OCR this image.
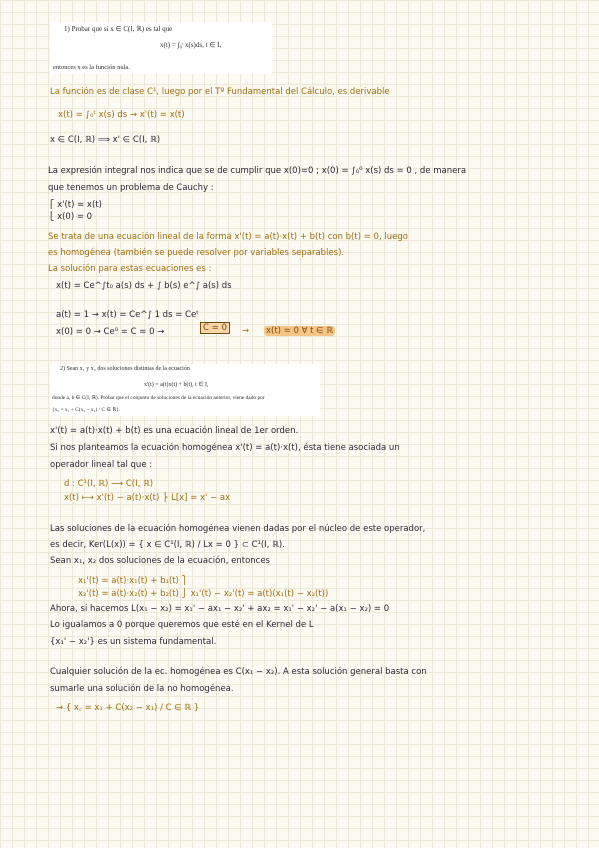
1) Probar que si x ∈ C(I, ℝ) es tal que
x(t) = ∫₀ᵗ x(s)ds, t ∈ I,
entonces x es la función nula.
La función es de clase C¹, luego por el Tº Fundamental del Cálculo, es derivable
x(t) = ∫₀ᵗ x(s) ds → x'(t) = x(t)
x ∈ C(I, ℝ) ⟹ x' ∈ C(I, ℝ)
La expresión integral nos indica que se de cumplir que x(0)=0 ; x(0) = ∫₀⁰ x(s) ds = 0 , de manera
que tenemos un problema de Cauchy :
⎧ x'(t) = x(t)
⎩ x(0) = 0
Se trata de una ecuación lineal de la forma x'(t) = a(t)·x(t) + b(t) con b(t) = 0, luego
es homogénea (también se puede resolver por variables separables).
La solución para estas ecuaciones es :
x(t) = Ce^∫t₀ a(s) ds + ∫ b(s) e^∫ a(s) ds
a(t) = 1 → x(t) = Ce^∫ 1 ds = Ceᵗ
x(0) = 0 → Ce⁰ = C = 0 →	C = 0	→ x(t) = 0 ∀ t ∈ ℝ
2) Sean x₁ y x₂ dos soluciones distintas de la ecuación
x'(t) = a(t)x(t) + b(t), t ∈ I,
donde a, b ∈ C(I, ℝ). Probar que el conjunto de soluciones de la ecuación anterior, viene dado por
{x꜀ = x₁ + C(x₂ − x₁) / C ∈ ℝ}.
x'(t) = a(t)·x(t) + b(t) es una ecuación lineal de 1er orden.
Si nos planteamos la ecuación homogénea x'(t) = a(t)·x(t), ésta tiene asociada un
operador lineal tal que :
d : C¹(I, ℝ) ⟶ C(I, ℝ)
x(t) ⟼ x'(t) − a(t)·x(t) ⎬ L[x] = x' − ax
Las soluciones de la ecuación homogénea vienen dadas por el núcleo de este operador,
es decir, Ker(L(x)) = { x ∈ C¹(I, ℝ) / Lx = 0 } ⊂ C¹(I, ℝ).
Sean x₁, x₂ dos soluciones de la ecuación, entonces
x₁'(t) = a(t)·x₁(t) + b₁(t) ⎫
x₂'(t) = a(t)·x₂(t) + b₂(t) ⎭ x₁'(t) − x₂'(t) = a(t)(x₁(t) − x₂(t))
Ahora, si hacemos L(x₁ − x₂) = x₁' − ax₁ − x₂' + ax₂ = x₁' − x₂' − a(x₁ − x₂) = 0
Lo igualamos a 0 porque queremos que esté en el Kernel de L
{x₁' − x₂'} es un sistema fundamental.
Cualquier solución de la ec. homogénea es C(x₁ − x₂). A esta solución general basta con
sumarle una solución de la no homogénea.
→ { x꜀ = x₁ + C(x₂ − x₁) / C ∈ ℝ }
